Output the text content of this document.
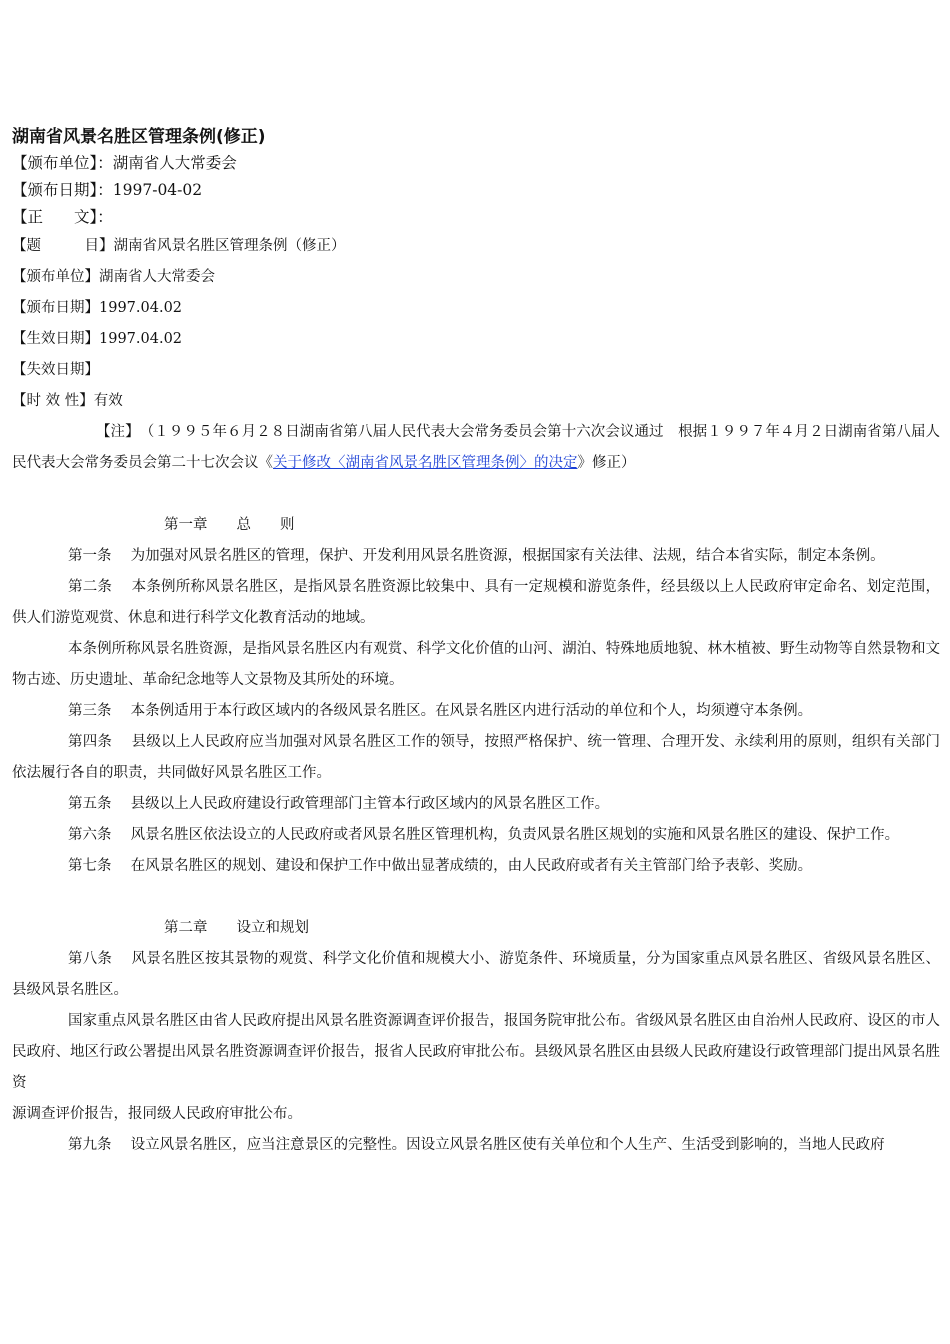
湖南省风景名胜区管理条例(修正)

【颁布单位】：湖南省人大常委会

【颁布日期】：1997-04-02

【正　　文】：

【题　　　目】湖南省风景名胜区管理条例（修正）

【颁布单位】湖南省人大常委会

【颁布日期】1997.04.02

【生效日期】1997.04.02

【失效日期】

【时 效 性】有效

【注】　（１９９５年６月２８日湖南省第八届人民代表大会常务委员会第十六次会议通过　根据１９９７年４月２日湖南省第八届人民代表大会常务委员会第二十七次会议《关于修改〈湖南省风景名胜区管理条例〉的决定》修正）

第一章　　总　　则

第一条　 为加强对风景名胜区的管理，保护、开发利用风景名胜资源，根据国家有关法律、法规，结合本省实际，制定本条例。

第二条　 本条例所称风景名胜区，是指风景名胜资源比较集中、具有一定规模和游览条件，经县级以上人民政府审定命名、划定范围，供人们游览观赏、休息和进行科学文化教育活动的地域。

本条例所称风景名胜资源，是指风景名胜区内有观赏、科学文化价值的山河、湖泊、特殊地质地貌、林木植被、野生动物等自然景物和文物古迹、历史遗址、革命纪念地等人文景物及其所处的环境。

第三条　 本条例适用于本行政区域内的各级风景名胜区。在风景名胜区内进行活动的单位和个人，均须遵守本条例。

第四条　 县级以上人民政府应当加强对风景名胜区工作的领导，按照严格保护、统一管理、合理开发、永续利用的原则，组织有关部门依法履行各自的职责，共同做好风景名胜区工作。

第五条　 县级以上人民政府建设行政管理部门主管本行政区域内的风景名胜区工作。

第六条　 风景名胜区依法设立的人民政府或者风景名胜区管理机构，负责风景名胜区规划的实施和风景名胜区的建设、保护工作。

第七条　 在风景名胜区的规划、建设和保护工作中做出显著成绩的，由人民政府或者有关主管部门给予表彰、奖励。

第二章　　设立和规划

第八条　 风景名胜区按其景物的观赏、科学文化价值和规模大小、游览条件、环境质量，分为国家重点风景名胜区、省级风景名胜区、县级风景名胜区。

国家重点风景名胜区由省人民政府提出风景名胜资源调查评价报告，报国务院审批公布。省级风景名胜区由自治州人民政府、设区的市人民政府、地区行政公署提出风景名胜资源调查评价报告，报省人民政府审批公布。县级风景名胜区由县级人民政府建设行政管理部门提出风景名胜资

源调查评价报告，报同级人民政府审批公布。

第九条　 设立风景名胜区，应当注意景区的完整性。因设立风景名胜区使有关单位和个人生产、生活受到影响的，当地人民政府
